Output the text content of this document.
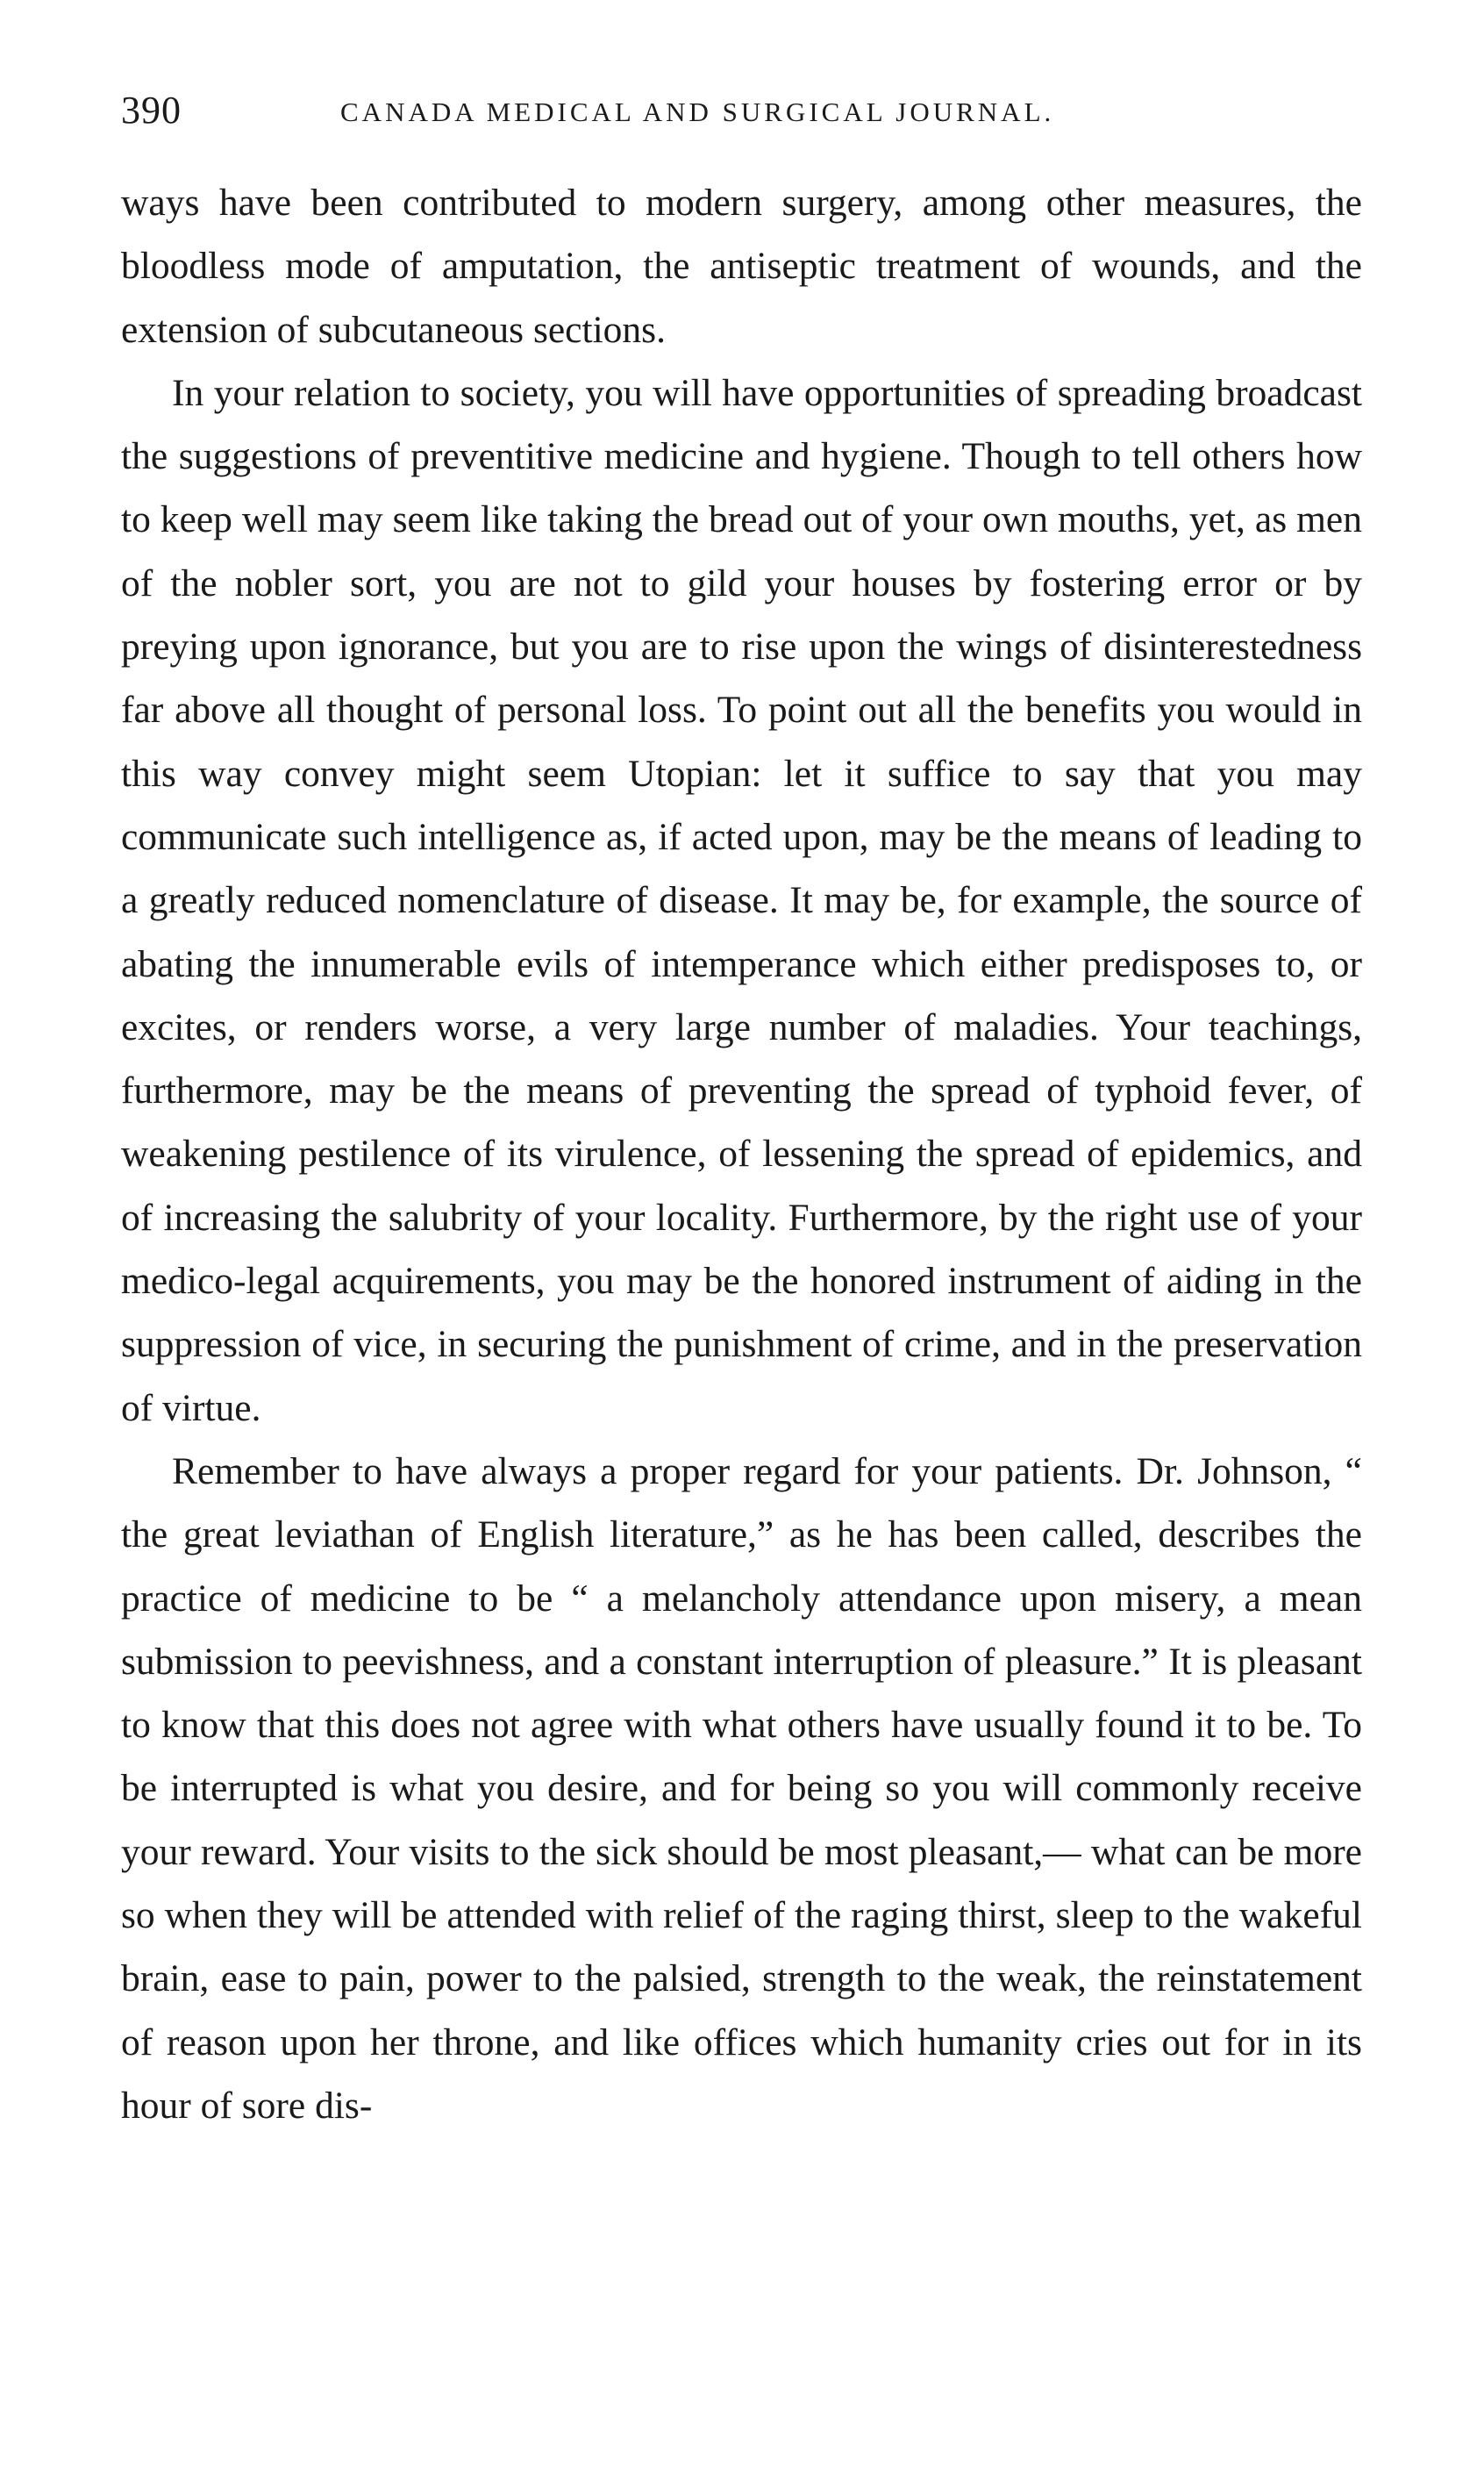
390	CANADA MEDICAL AND SURGICAL JOURNAL.

ways have been contributed to modern surgery, among other measures, the bloodless mode of amputation, the antiseptic treatment of wounds, and the extension of subcutaneous sections.

In your relation to society, you will have opportunities of spreading broadcast the suggestions of preventitive medicine and hygiene. Though to tell others how to keep well may seem like taking the bread out of your own mouths, yet, as men of the nobler sort, you are not to gild your houses by fostering error or by preying upon ignorance, but you are to rise upon the wings of disinterestedness far above all thought of personal loss. To point out all the benefits you would in this way convey might seem Utopian: let it suffice to say that you may communicate such intelligence as, if acted upon, may be the means of leading to a greatly reduced nomenclature of disease. It may be, for example, the source of abating the innumerable evils of intemperance which either predisposes to, or excites, or renders worse, a very large number of maladies. Your teachings, furthermore, may be the means of preventing the spread of typhoid fever, of weakening pestilence of its virulence, of lessening the spread of epidemics, and of increasing the salubrity of your locality. Furthermore, by the right use of your medico-legal acquirements, you may be the honored instrument of aiding in the suppression of vice, in securing the punishment of crime, and in the preservation of virtue.

Remember to have always a proper regard for your patients. Dr. Johnson, “ the great leviathan of English literature,” as he has been called, describes the practice of medicine to be “ a melancholy attendance upon misery, a mean submission to peevishness, and a constant interruption of pleasure.” It is pleasant to know that this does not agree with what others have usually found it to be. To be interrupted is what you desire, and for being so you will commonly receive your reward. Your visits to the sick should be most pleasant,— what can be more so when they will be attended with relief of the raging thirst, sleep to the wakeful brain, ease to pain, power to the palsied, strength to the weak, the reinstatement of reason upon her throne, and like offices which humanity cries out for in its hour of sore dis-
